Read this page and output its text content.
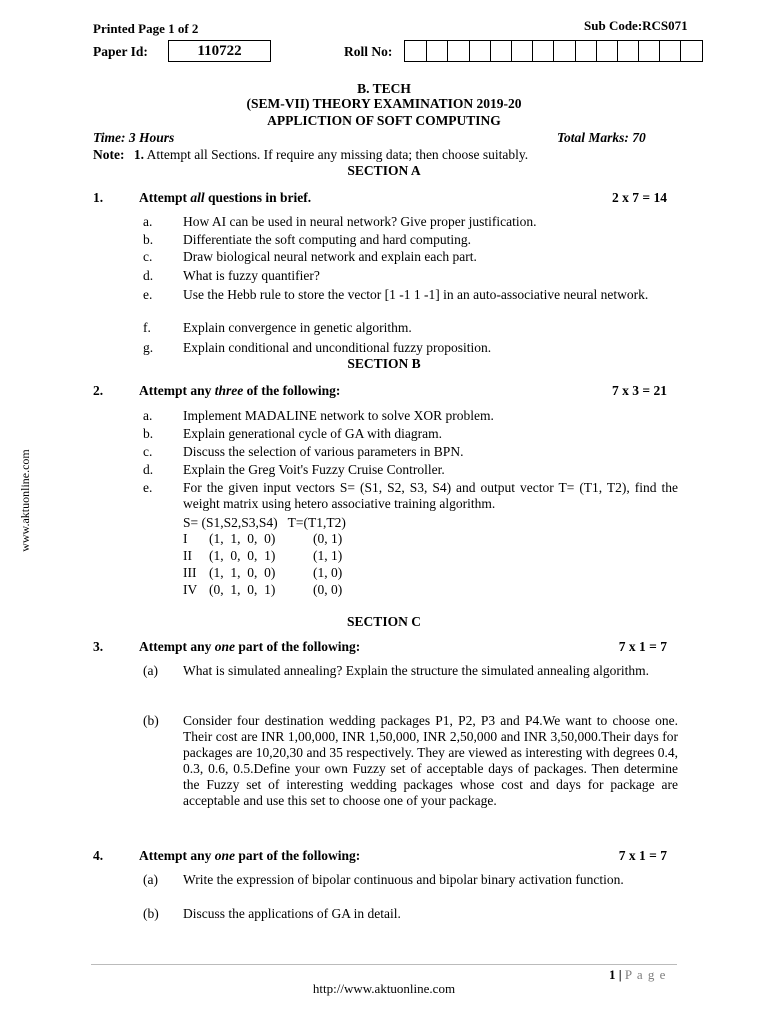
Printed Page 1 of 2	Sub Code:RCS071
Paper Id:	110722	Roll No:
www.aktuonline.com
B. TECH
(SEM-VII) THEORY EXAMINATION 2019-20
APPLICTION OF SOFT COMPUTING
Time: 3 Hours	Total Marks: 70
Note: 1. Attempt all Sections. If require any missing data; then choose suitably.
SECTION A
1.	Attempt all questions in brief.	2 x 7 = 14
a. How AI can be used in neural network? Give proper justification.
b. Differentiate the soft computing and hard computing.
c. Draw biological neural network and explain each part.
d. What is fuzzy quantifier?
e. Use the Hebb rule to store the vector [1 -1 1 -1] in an auto-associative neural network.
f. Explain convergence in genetic algorithm.
g. Explain conditional and unconditional fuzzy proposition.
SECTION B
2.	Attempt any three of the following:	7 x 3 = 21
a. Implement MADALINE network to solve XOR problem.
b. Explain generational cycle of GA with diagram.
c. Discuss the selection of various parameters in BPN.
d. Explain the Greg Voit's Fuzzy Cruise Controller.
e. For the given input vectors S= (S1, S2, S3, S4) and output vector T= (T1, T2), find the weight matrix using hetero associative training algorithm.
S= (S1,S2,S3,S4) T=(T1,T2)
I (1,  1,  0,  0)	(0, 1)
II (1,  0,  0,  1)	(1, 1)
III (1,  1,  0,  0)	(1, 0)
IV (0,  1,  0,  1)	(0, 0)
SECTION C
3.	Attempt any one part of the following:	7 x 1 = 7
(a) What is simulated annealing? Explain the structure the simulated annealing algorithm.
(b) Consider four destination wedding packages P1, P2, P3 and P4.We want to choose one. Their cost are INR 1,00,000, INR 1,50,000, INR 2,50,000 and INR 3,50,000.Their days for packages are 10,20,30 and 35 respectively. They are viewed as interesting with degrees 0.4, 0.3, 0.6, 0.5.Define your own Fuzzy set of acceptable days of packages. Then determine the Fuzzy set of interesting wedding packages whose cost and days for package are acceptable and use this set to choose one of your package.
4.	Attempt any one part of the following:	7 x 1 = 7
(a) Write the expression of bipolar continuous and bipolar binary activation function.
(b) Discuss the applications of GA in detail.
1 | P a g e
http://www.aktuonline.com
